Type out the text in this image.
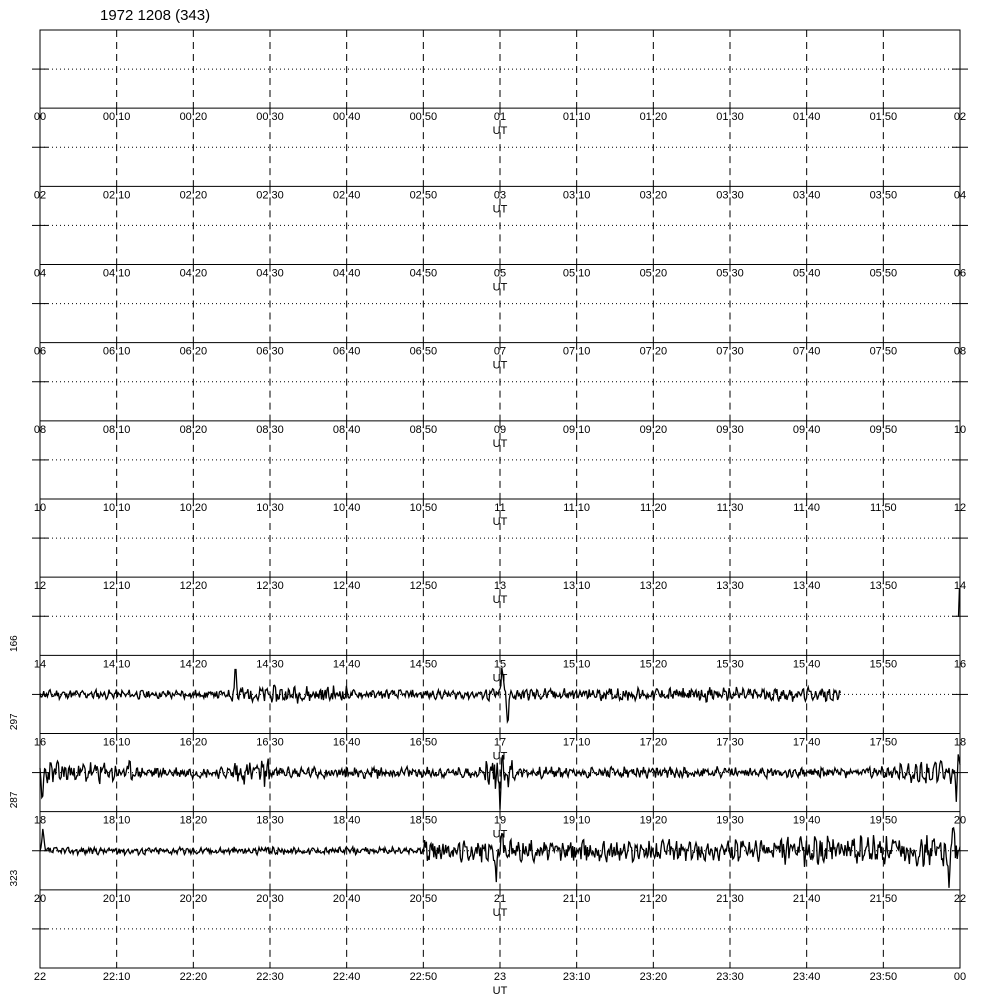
1972 1208 (343)
00	00:10	00:20	00:30	00:40	00:50	01	01:10	01:20	01:30	01:40	01:50	02
UT
02	02:10	02:20	02:30	02:40	02:50	03	03:10	03:20	03:30	03:40	03:50	04
UT
04	04:10	04:20	04:30	04:40	04:50	05	05:10	05:20	05:30	05:40	05:50	06
UT
06	06:10	06:20	06:30	06:40	06:50	07	07:10	07:20	07:30	07:40	07:50	08
UT
08	08:10	08:20	08:30	08:40	08:50	09	09:10	09:20	09:30	09:40	09:50	10
UT
10	10:10	10:20	10:30	10:40	10:50	11	11:10	11:20	11:30	11:40	11:50	12
UT
12	12:10	12:20	12:30	12:40	12:50	13	13:10	13:20	13:30	13:40	13:50	14
UT
14	14:10	14:20	14:30	14:40	14:50	15	15:10	15:20	15:30	15:40	15:50	16
UT
166
16	16:10	16:20	16:30	16:40	16:50	17	17:10	17:20	17:30	17:40	17:50	18
UT
297
18	18:10	18:20	18:30	18:40	18:50	19	19:10	19:20	19:30	19:40	19:50	20
UT
287
20	20:10	20:20	20:30	20:40	20:50	21	21:10	21:20	21:30	21:40	21:50	22
UT
323
22	22:10	22:20	22:30	22:40	22:50	23	23:10	23:20	23:30	23:40	23:50	00
UT
